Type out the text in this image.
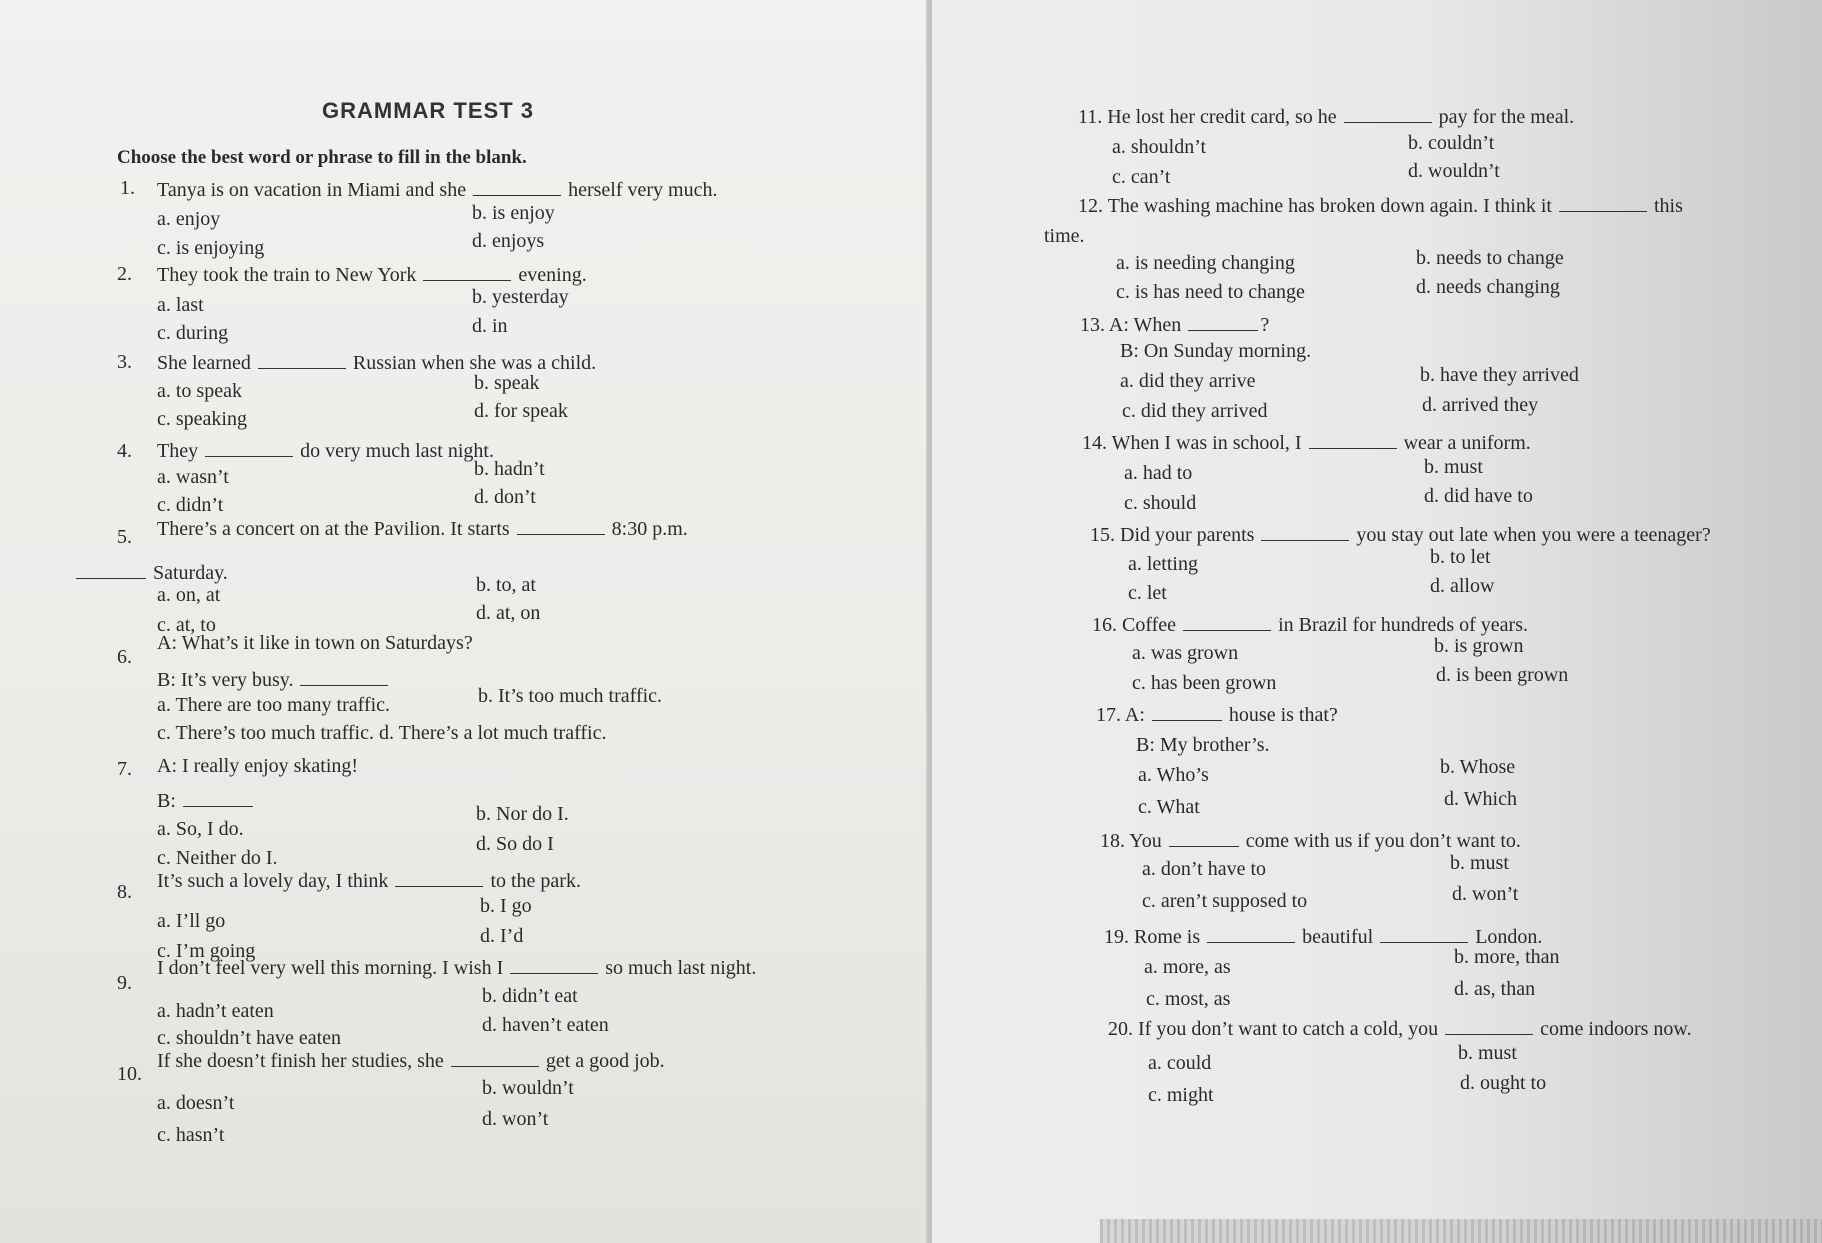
GRAMMAR TEST 3
Choose the best word or phrase to fill in the blank.
1. Tanya is on vacation in Miami and she	herself very much.
a. enjoy	b. is enjoy
c. is enjoying	d. enjoys
2. They took the train to New York	evening.
a. last	b. yesterday
c. during	d. in
3. She learned	Russian when she was a child.
a. to speak	b. speak
c. speaking	d. for speak
4. They	do very much last night.
a. wasn’t	b. hadn’t
c. didn’t	d. don’t
5. There’s a concert on at the Pavilion. It starts	8:30 p.m.
Saturday.
a. on, at	b. to, at
c. at, to
d. at, on
6.
A: What’s it like in town on Saturdays?
B: It’s very busy.
a. There are too many traffic.	b. It’s too much traffic.
c. There’s too much traffic. d. There’s a lot much traffic.
7. A: I really enjoy skating!
B:
a. So, I do.
b. Nor do I.
c. Neither do I.
d. So do I
8. It’s such a lovely day, I think	to the park.
a. I’ll go
b. I go
c. I’m going
d. I’d
9.
I don’t feel very well this morning. I wish I	so much last night.
a. hadn’t eaten
b. didn’t eat
c. shouldn’t have eaten
d. haven’t eaten
10.
If she doesn’t finish her studies, she	get a good job.
a. doesn’t
b. wouldn’t
c. hasn’t
d. won’t
11. He lost her credit card, so he	pay for the meal.
a. shouldn’t	b. couldn’t
c. can’t	d. wouldn’t
12. The washing machine has broken down again. I think it	this
time.
a. is needing changing	b. needs to change
c. is has need to change	d. needs changing
13. A: When	?
B: On Sunday morning.
a. did they arrive	b. have they arrived
c. did they arrived	d. arrived they
14. When I was in school, I	wear a uniform.
a. had to	b. must
c. should	d. did have to
15. Did your parents	you stay out late when you were a teenager?
a. letting	b. to let
c. let	d. allow
16. Coffee	in Brazil for hundreds of years.
a. was grown	b. is grown
c. has been grown	d. is been grown
17. A:	house is that?
B: My brother’s.
a. Who’s	b. Whose
c. What	d. Which
18. You	come with us if you don’t want to.
a. don’t have to	b. must
c. aren’t supposed to	d. won’t
19. Rome is	beautiful	London.
a. more, as	b. more, than
c. most, as	d. as, than
20. If you don’t want to catch a cold, you	come indoors now.
a. could	b. must
c. might
d. ought to
